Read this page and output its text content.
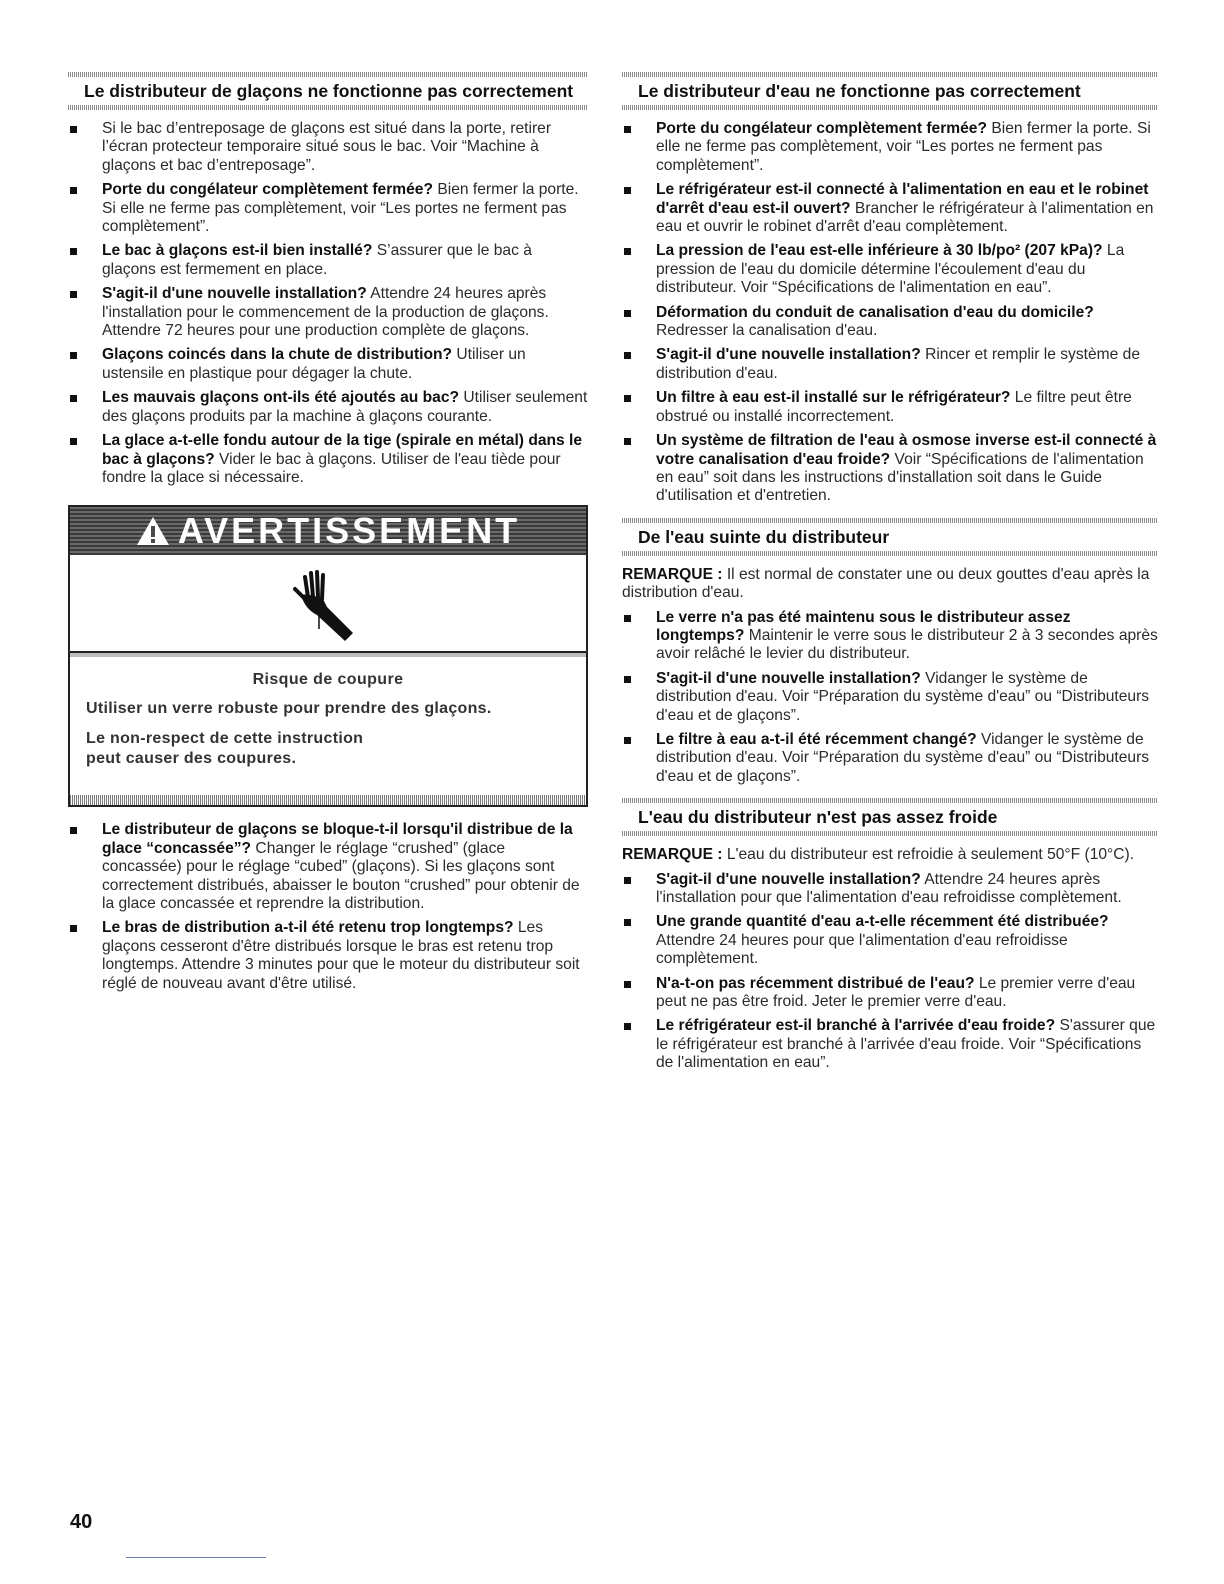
Le distributeur de glaçons ne fonctionne pas correctement
Si le bac d’entreposage de glaçons est situé dans la porte, retirer l’écran protecteur temporaire situé sous le bac. Voir “Machine à glaçons et bac d’entreposage”.
Porte du congélateur complètement fermée? Bien fermer la porte. Si elle ne ferme pas complètement, voir “Les portes ne ferment pas complètement”.
Le bac à glaçons est-il bien installé? S’assurer que le bac à glaçons est fermement en place.
S'agit-il d'une nouvelle installation? Attendre 24 heures après l'installation pour le commencement de la production de glaçons. Attendre 72 heures pour une production complète de glaçons.
Glaçons coincés dans la chute de distribution? Utiliser un ustensile en plastique pour dégager la chute.
Les mauvais glaçons ont-ils été ajoutés au bac? Utiliser seulement des glaçons produits par la machine à glaçons courante.
La glace a-t-elle fondu autour de la tige (spirale en métal) dans le bac à glaçons? Vider le bac à glaçons. Utiliser de l'eau tiède pour fondre la glace si nécessaire.
AVERTISSEMENT
Risque de coupure
Utiliser un verre robuste pour prendre des glaçons.
Le non-respect de cette instruction peut causer des coupures.
Le distributeur de glaçons se bloque-t-il lorsqu'il distribue de la glace “concassée”? Changer le réglage “crushed” (glace concassée) pour le réglage “cubed” (glaçons). Si les glaçons sont correctement distribués, abaisser le bouton “crushed” pour obtenir de la glace concassée et reprendre la distribution.
Le bras de distribution a-t-il été retenu trop longtemps? Les glaçons cesseront d'être distribués lorsque le bras est retenu trop longtemps. Attendre 3 minutes pour que le moteur du distributeur soit réglé de nouveau avant d'être utilisé.
Le distributeur d'eau ne fonctionne pas correctement
Porte du congélateur complètement fermée? Bien fermer la porte. Si elle ne ferme pas complètement, voir “Les portes ne ferment pas complètement”.
Le réfrigérateur est-il connecté à l'alimentation en eau et le robinet d'arrêt d'eau est-il ouvert? Brancher le réfrigérateur à l'alimentation en eau et ouvrir le robinet d'arrêt d'eau complètement.
La pression de l'eau est-elle inférieure à 30 lb/po² (207 kPa)? La pression de l'eau du domicile détermine l'écoulement d'eau du distributeur. Voir “Spécifications de l'alimentation en eau”.
Déformation du conduit de canalisation d'eau du domicile? Redresser la canalisation d'eau.
S'agit-il d'une nouvelle installation? Rincer et remplir le système de distribution d'eau.
Un filtre à eau est-il installé sur le réfrigérateur? Le filtre peut être obstrué ou installé incorrectement.
Un système de filtration de l'eau à osmose inverse est-il connecté à votre canalisation d'eau froide? Voir “Spécifications de l'alimentation en eau” soit dans les instructions d'installation soit dans le Guide d'utilisation et d'entretien.
De l'eau suinte du distributeur

REMARQUE : Il est normal de constater une ou deux gouttes d'eau après la distribution d'eau.

Le verre n'a pas été maintenu sous le distributeur assez longtemps? Maintenir le verre sous le distributeur 2 à 3 secondes après avoir relâché le levier du distributeur.
S'agit-il d'une nouvelle installation? Vidanger le système de distribution d'eau. Voir “Préparation du système d'eau” ou “Distributeurs d'eau et de glaçons”.
Le filtre à eau a-t-il été récemment changé? Vidanger le système de distribution d'eau. Voir “Préparation du système d'eau” ou “Distributeurs d'eau et de glaçons”.
L'eau du distributeur n'est pas assez froide

REMARQUE : L'eau du distributeur est refroidie à seulement 50°F (10°C).

S'agit-il d'une nouvelle installation? Attendre 24 heures après l'installation pour que l'alimentation d'eau refroidisse complètement.
Une grande quantité d'eau a-t-elle récemment été distribuée? Attendre 24 heures pour que l'alimentation d'eau refroidisse complètement.
N'a-t-on pas récemment distribué de l'eau? Le premier verre d'eau peut ne pas être froid. Jeter le premier verre d'eau.
Le réfrigérateur est-il branché à l'arrivée d'eau froide? S'assurer que le réfrigérateur est branché à l'arrivée d'eau froide. Voir “Spécifications de l'alimentation en eau”.
40
